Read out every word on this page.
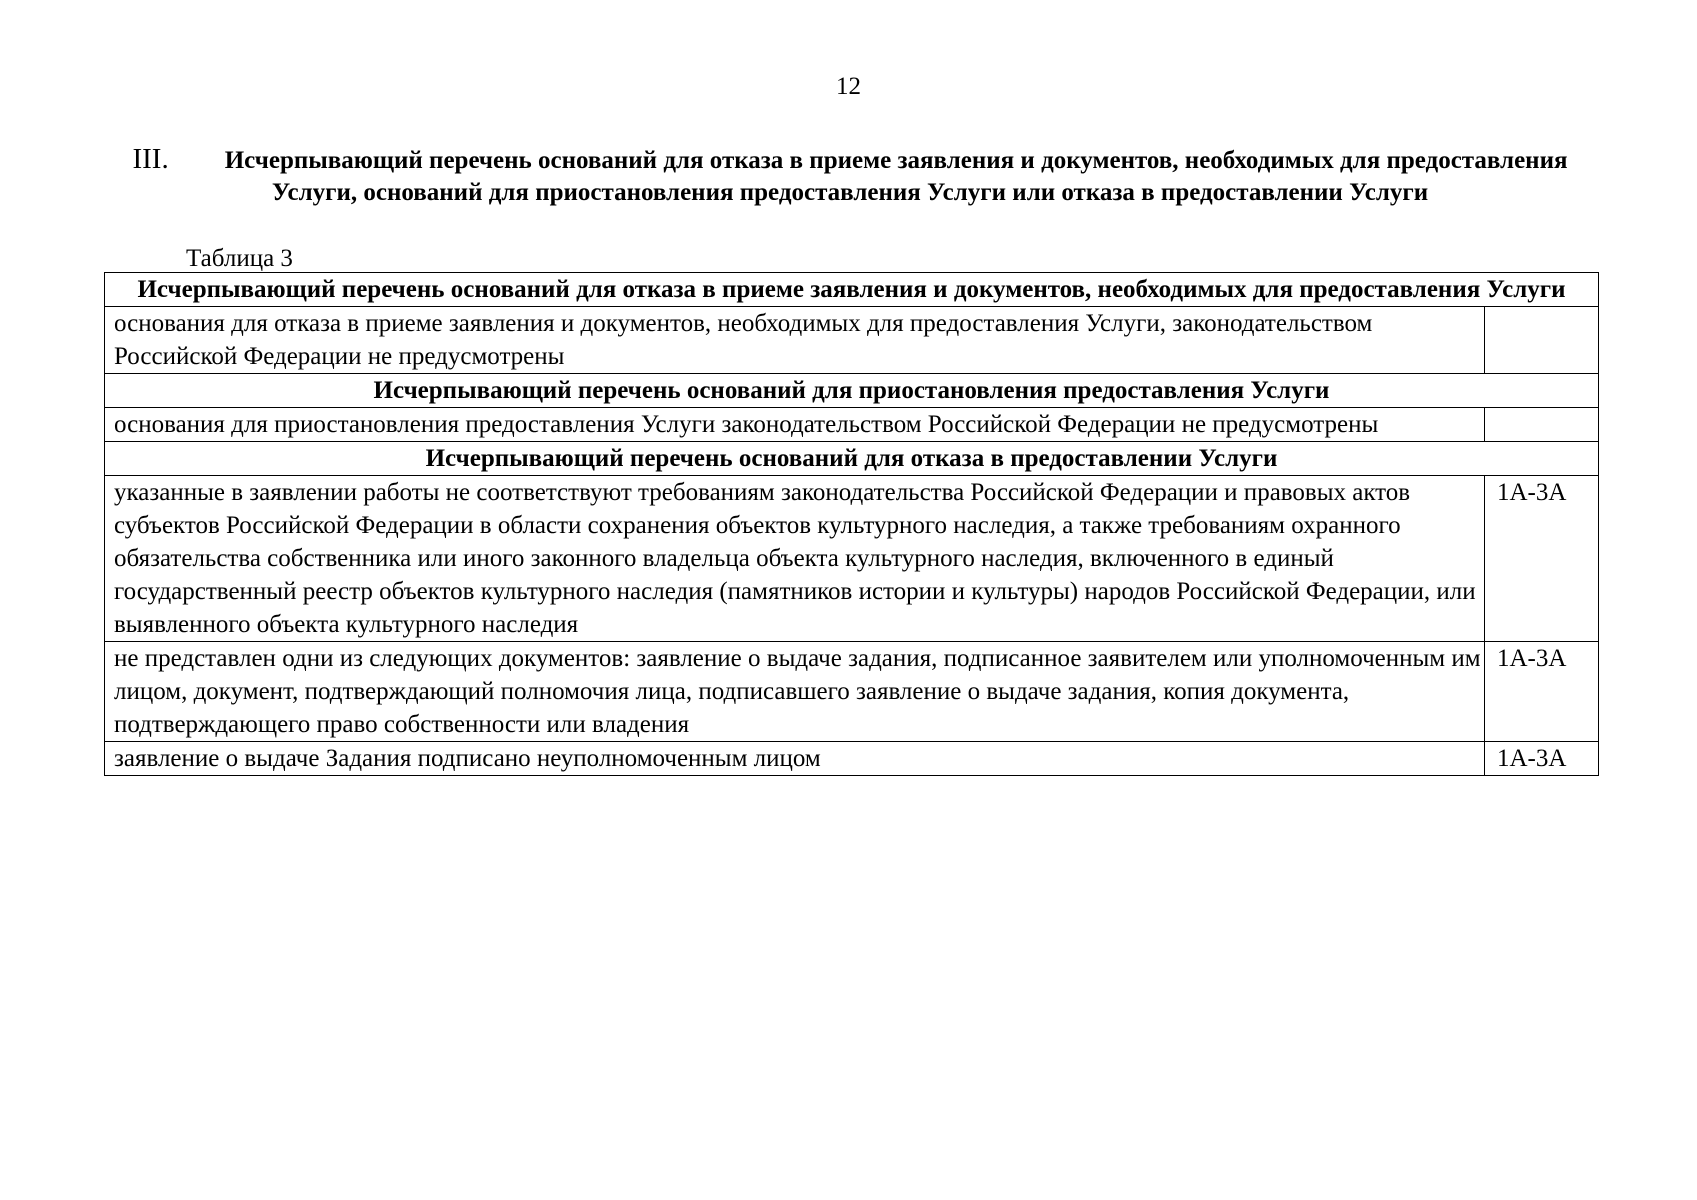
12
III. Исчерпывающий перечень оснований для отказа в приеме заявления и документов, необходимых для предоставления Услуги, оснований для приостановления предоставления Услуги или отказа в предоставлении Услуги
Таблица 3
Исчерпывающий перечень оснований для отказа в приеме заявления и документов, необходимых для предоставления Услуги	
основания для отказа в приеме заявления и документов, необходимых для предоставления Услуги, законодательством Российской Федерации не предусмотрены	
Исчерпывающий перечень оснований для приостановления предоставления Услуги	
основания для приостановления предоставления Услуги законодательством Российской Федерации не предусмотрены	
Исчерпывающий перечень оснований для отказа в предоставлении Услуги	
указанные в заявлении работы не соответствуют требованиям законодательства Российской Федерации и правовых актов субъектов Российской Федерации в области сохранения объектов культурного наследия, а также требованиям охранного обязательства собственника или иного законного владельца объекта культурного наследия, включенного в единый государственный реестр объектов культурного наследия (памятников истории и культуры) народов Российской Федерации, или выявленного объекта культурного наследия	1А-3А
не представлен одни из следующих документов: заявление о выдаче задания, подписанное заявителем или уполномоченным им лицом, документ, подтверждающий полномочия лица, подписавшего заявление о выдаче задания, копия документа, подтверждающего право собственности или владения	1А-3А
заявление о выдаче Задания подписано неуполномоченным лицом	1А-3А
